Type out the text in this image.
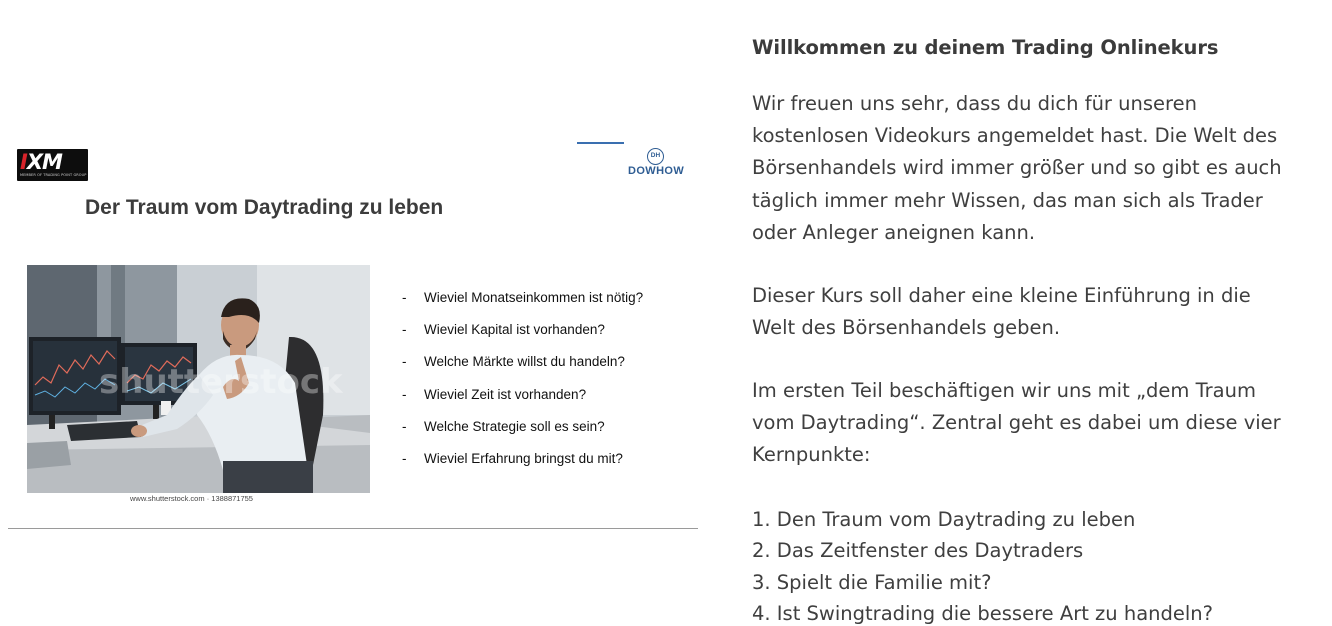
IXM
MEMBER OF TRADING POINT GROUP
DH
DOWHOW
Der Traum vom Daytrading zu leben
shutterstock
www.shutterstock.com · 1388871755
-	Wieviel Monatseinkommen ist nötig?
-	Wieviel Kapital ist vorhanden?
-	Welche Märkte willst du handeln?
-	Wieviel Zeit ist vorhanden?
-	Welche Strategie soll es sein?
-	Wieviel Erfahrung bringst du mit?
Willkommen zu deinem Trading Onlinekurs

Wir freuen uns sehr, dass du dich für unseren
kostenlosen Videokurs angemeldet hast. Die Welt des
Börsenhandels wird immer größer und so gibt es auch
täglich immer mehr Wissen, das man sich als Trader
oder Anleger aneignen kann.

Dieser Kurs soll daher eine kleine Einführung in die
Welt des Börsenhandels geben.

Im ersten Teil beschäftigen wir uns mit „dem Traum
vom Daytrading“. Zentral geht es dabei um diese vier
Kernpunkte:

1. Den Traum vom Daytrading zu leben
2. Das Zeitfenster des Daytraders
3. Spielt die Familie mit?
4. Ist Swingtrading die bessere Art zu handeln?
